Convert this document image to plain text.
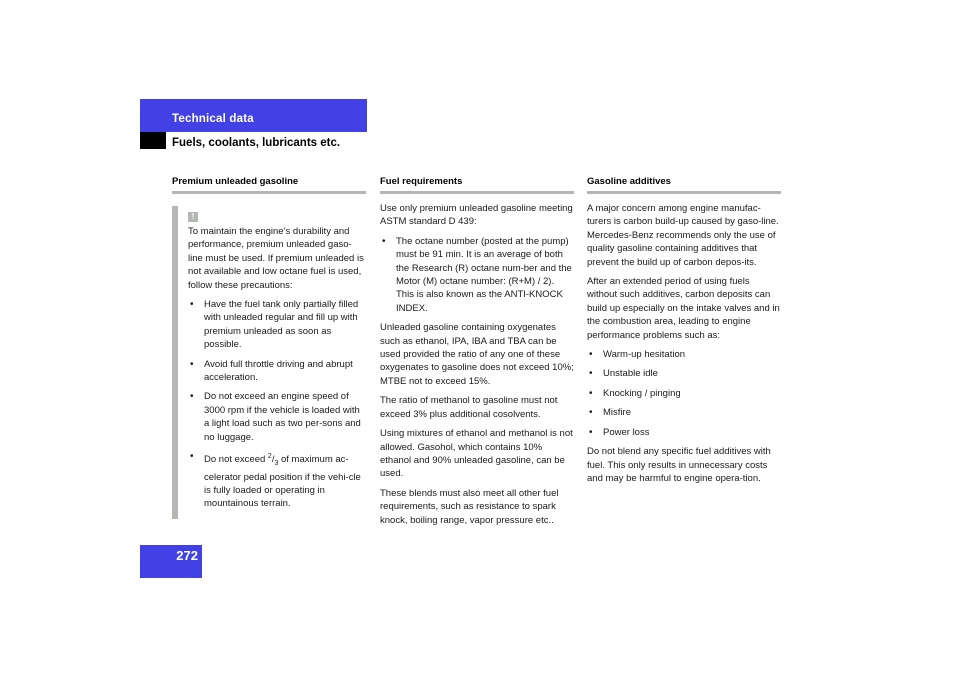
Technical data
Fuels, coolants, lubricants etc.
Premium unleaded gasoline
!

To maintain the engine’s durability and performance, premium unleaded gaso-line must be used. If premium unleaded is not available and low octane fuel is used, follow these precautions:

• Have the fuel tank only partially filled with unleaded regular and fill up with premium unleaded as soon as possible.
• Avoid full throttle driving and abrupt acceleration.
• Do not exceed an engine speed of 3000 rpm if the vehicle is loaded with a light load such as two per-sons and no luggage.
• Do not exceed $^2/_3$ of maximum ac-celerator pedal position if the vehi-cle is fully loaded or operating in mountainous terrain.
Fuel requirements

Use only premium unleaded gasoline meeting ASTM standard D 439:

• The octane number (posted at the pump) must be 91 min. It is an average of both the Research (R) octane num-ber and the Motor (M) octane number: (R+M) / 2). This is also known as the ANTI-KNOCK INDEX.

Unleaded gasoline containing oxygenates such as ethanol, IPA, IBA and TBA can be used provided the ratio of any one of these oxygenates to gasoline does not exceed 10%; MTBE not to exceed 15%.

The ratio of methanol to gasoline must not exceed 3% plus additional cosolvents.

Using mixtures of ethanol and methanol is not allowed. Gasohol, which contains 10% ethanol and 90% unleaded gasoline, can be used.

These blends must also meet all other fuel requirements, such as resistance to spark knock, boiling range, vapor pressure etc..

Gasoline additives

A major concern among engine manufac-turers is carbon build-up caused by gaso-line. Mercedes-Benz recommends only the use of quality gasoline containing additives that prevent the build up of carbon depos-its.

After an extended period of using fuels without such additives, carbon deposits can build up especially on the intake valves and in the combustion area, leading to engine performance problems such as:

• Warm-up hesitation
• Unstable idle
• Knocking / pinging
• Misfire
• Power loss

Do not blend any specific fuel additives with fuel. This only results in unnecessary costs and may be harmful to engine opera-tion.

272
